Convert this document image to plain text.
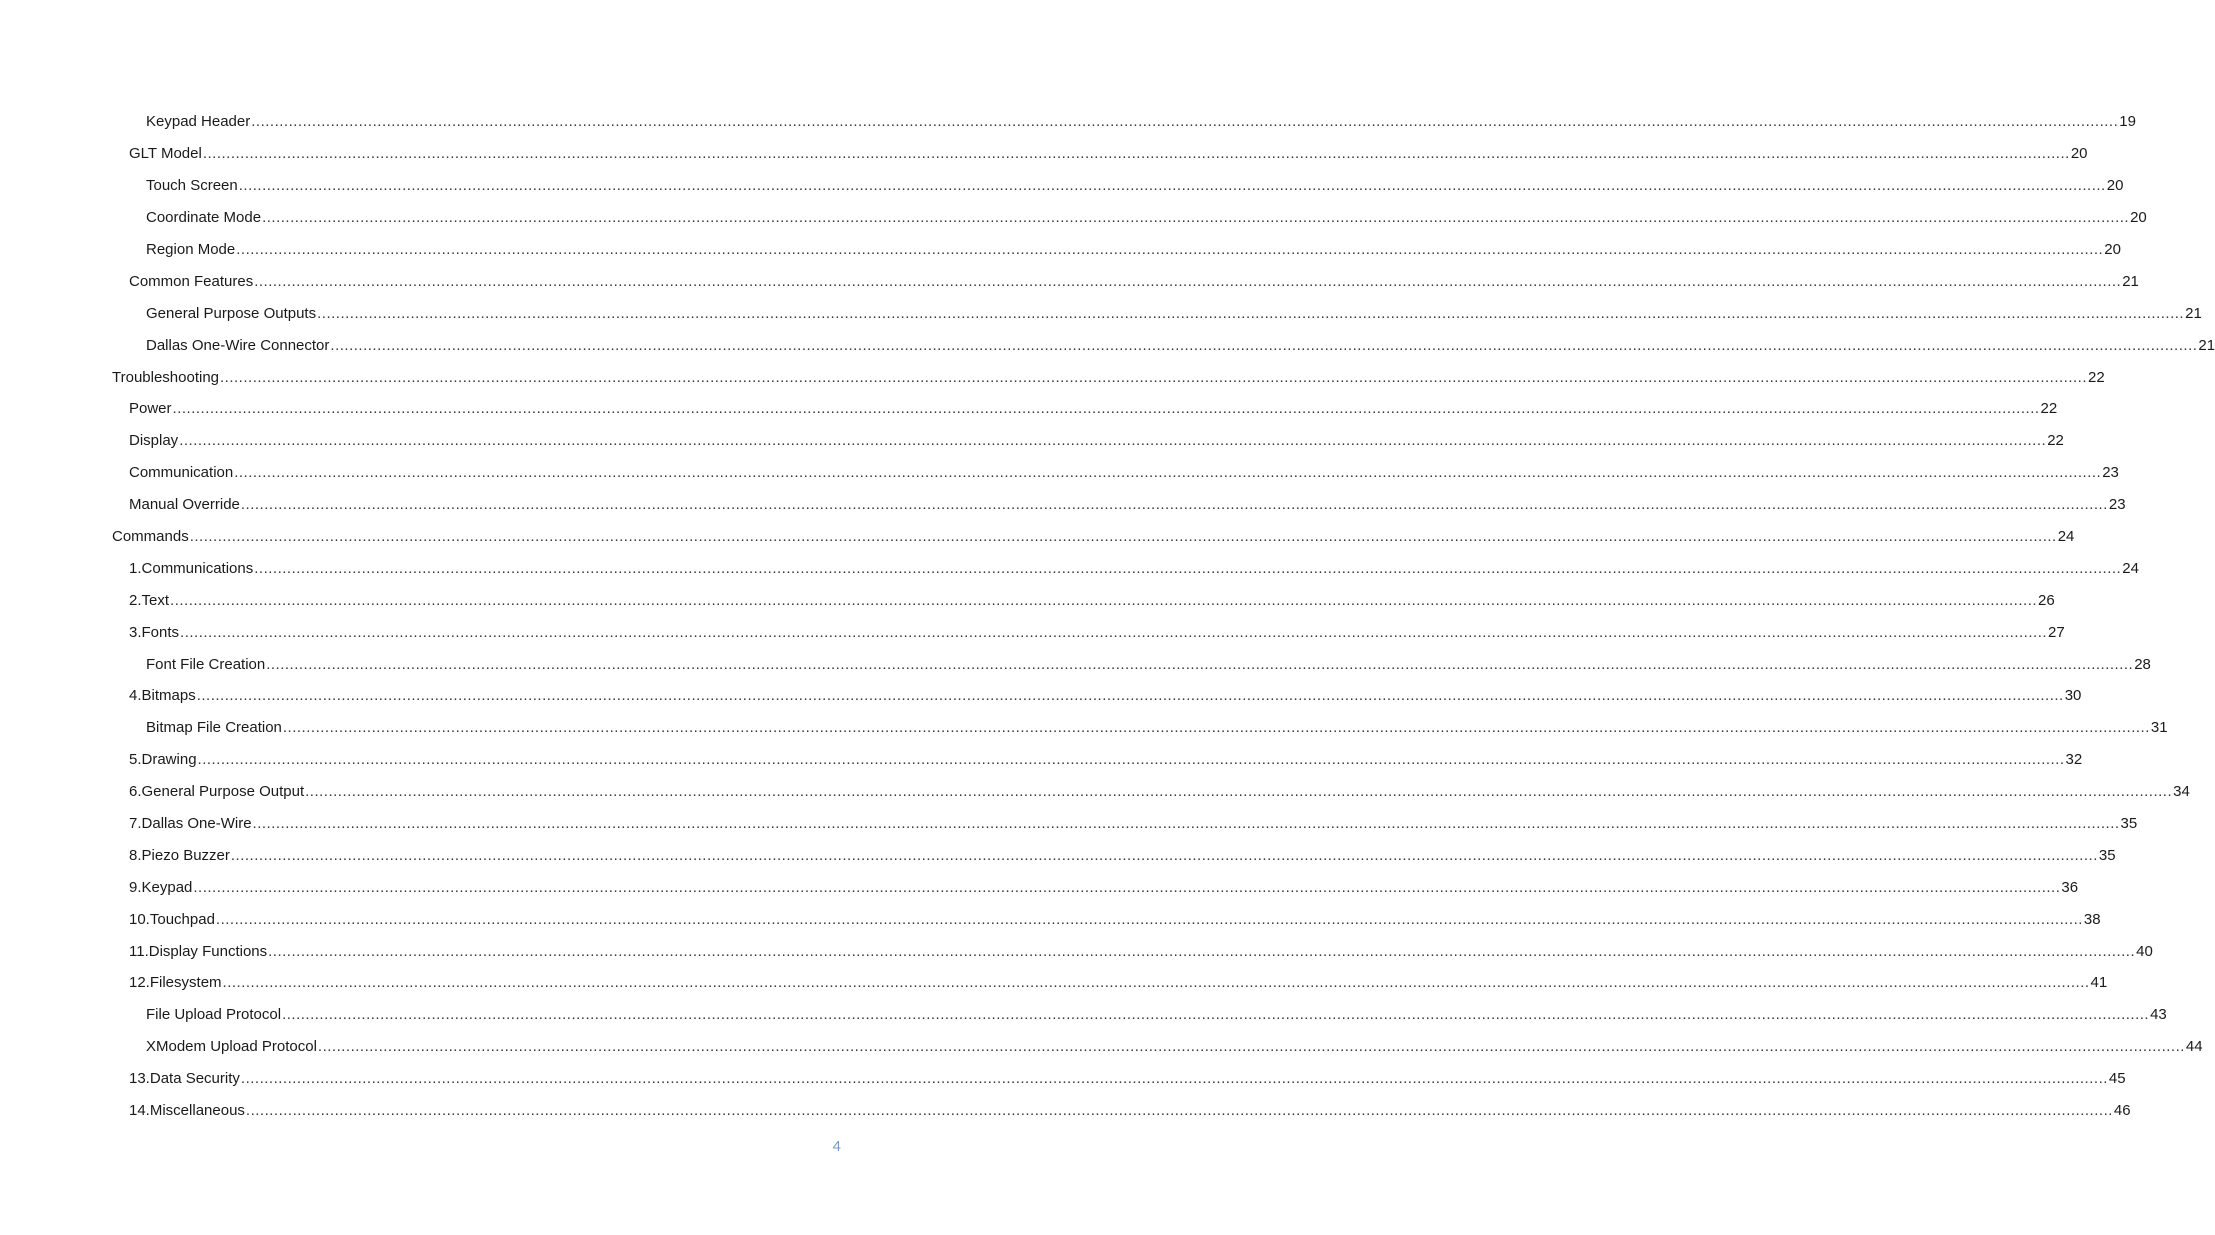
Keypad Header ................................................................................................................................................................................................................................................................................................................................................................................................................ 19
GLT Model ................................................................................................................................................................................................................................................................................................................................................................................................................ 20
Touch Screen ................................................................................................................................................................................................................................................................................................................................................................................................................ 20
Coordinate Mode ................................................................................................................................................................................................................................................................................................................................................................................................................ 20
Region Mode ................................................................................................................................................................................................................................................................................................................................................................................................................ 20
Common Features ................................................................................................................................................................................................................................................................................................................................................................................................................ 21
General Purpose Outputs ................................................................................................................................................................................................................................................................................................................................................................................................................ 21
Dallas One-Wire Connector ................................................................................................................................................................................................................................................................................................................................................................................................................ 21
Troubleshooting ................................................................................................................................................................................................................................................................................................................................................................................................................ 22
Power ................................................................................................................................................................................................................................................................................................................................................................................................................ 22
Display ................................................................................................................................................................................................................................................................................................................................................................................................................ 22
Communication ................................................................................................................................................................................................................................................................................................................................................................................................................ 23
Manual Override ................................................................................................................................................................................................................................................................................................................................................................................................................ 23
Commands ................................................................................................................................................................................................................................................................................................................................................................................................................ 24
1. Communications ................................................................................................................................................................................................................................................................................................................................................................................................................ 24
2. Text ................................................................................................................................................................................................................................................................................................................................................................................................................ 26
3. Fonts ................................................................................................................................................................................................................................................................................................................................................................................................................ 27
Font File Creation ................................................................................................................................................................................................................................................................................................................................................................................................................ 28
4. Bitmaps ................................................................................................................................................................................................................................................................................................................................................................................................................ 30
Bitmap File Creation ................................................................................................................................................................................................................................................................................................................................................................................................................ 31
5. Drawing ................................................................................................................................................................................................................................................................................................................................................................................................................ 32
6. General Purpose Output ................................................................................................................................................................................................................................................................................................................................................................................................................ 34
7. Dallas One-Wire ................................................................................................................................................................................................................................................................................................................................................................................................................ 35
8. Piezo Buzzer ................................................................................................................................................................................................................................................................................................................................................................................................................ 35
9. Keypad ................................................................................................................................................................................................................................................................................................................................................................................................................ 36
10. Touchpad ................................................................................................................................................................................................................................................................................................................................................................................................................ 38
11. Display Functions ................................................................................................................................................................................................................................................................................................................................................................................................................ 40
12. Filesystem ................................................................................................................................................................................................................................................................................................................................................................................................................ 41
File Upload Protocol ................................................................................................................................................................................................................................................................................................................................................................................................................ 43
XModem Upload Protocol ................................................................................................................................................................................................................................................................................................................................................................................................................ 44
13. Data Security ................................................................................................................................................................................................................................................................................................................................................................................................................ 45
14. Miscellaneous ................................................................................................................................................................................................................................................................................................................................................................................................................ 46
4
